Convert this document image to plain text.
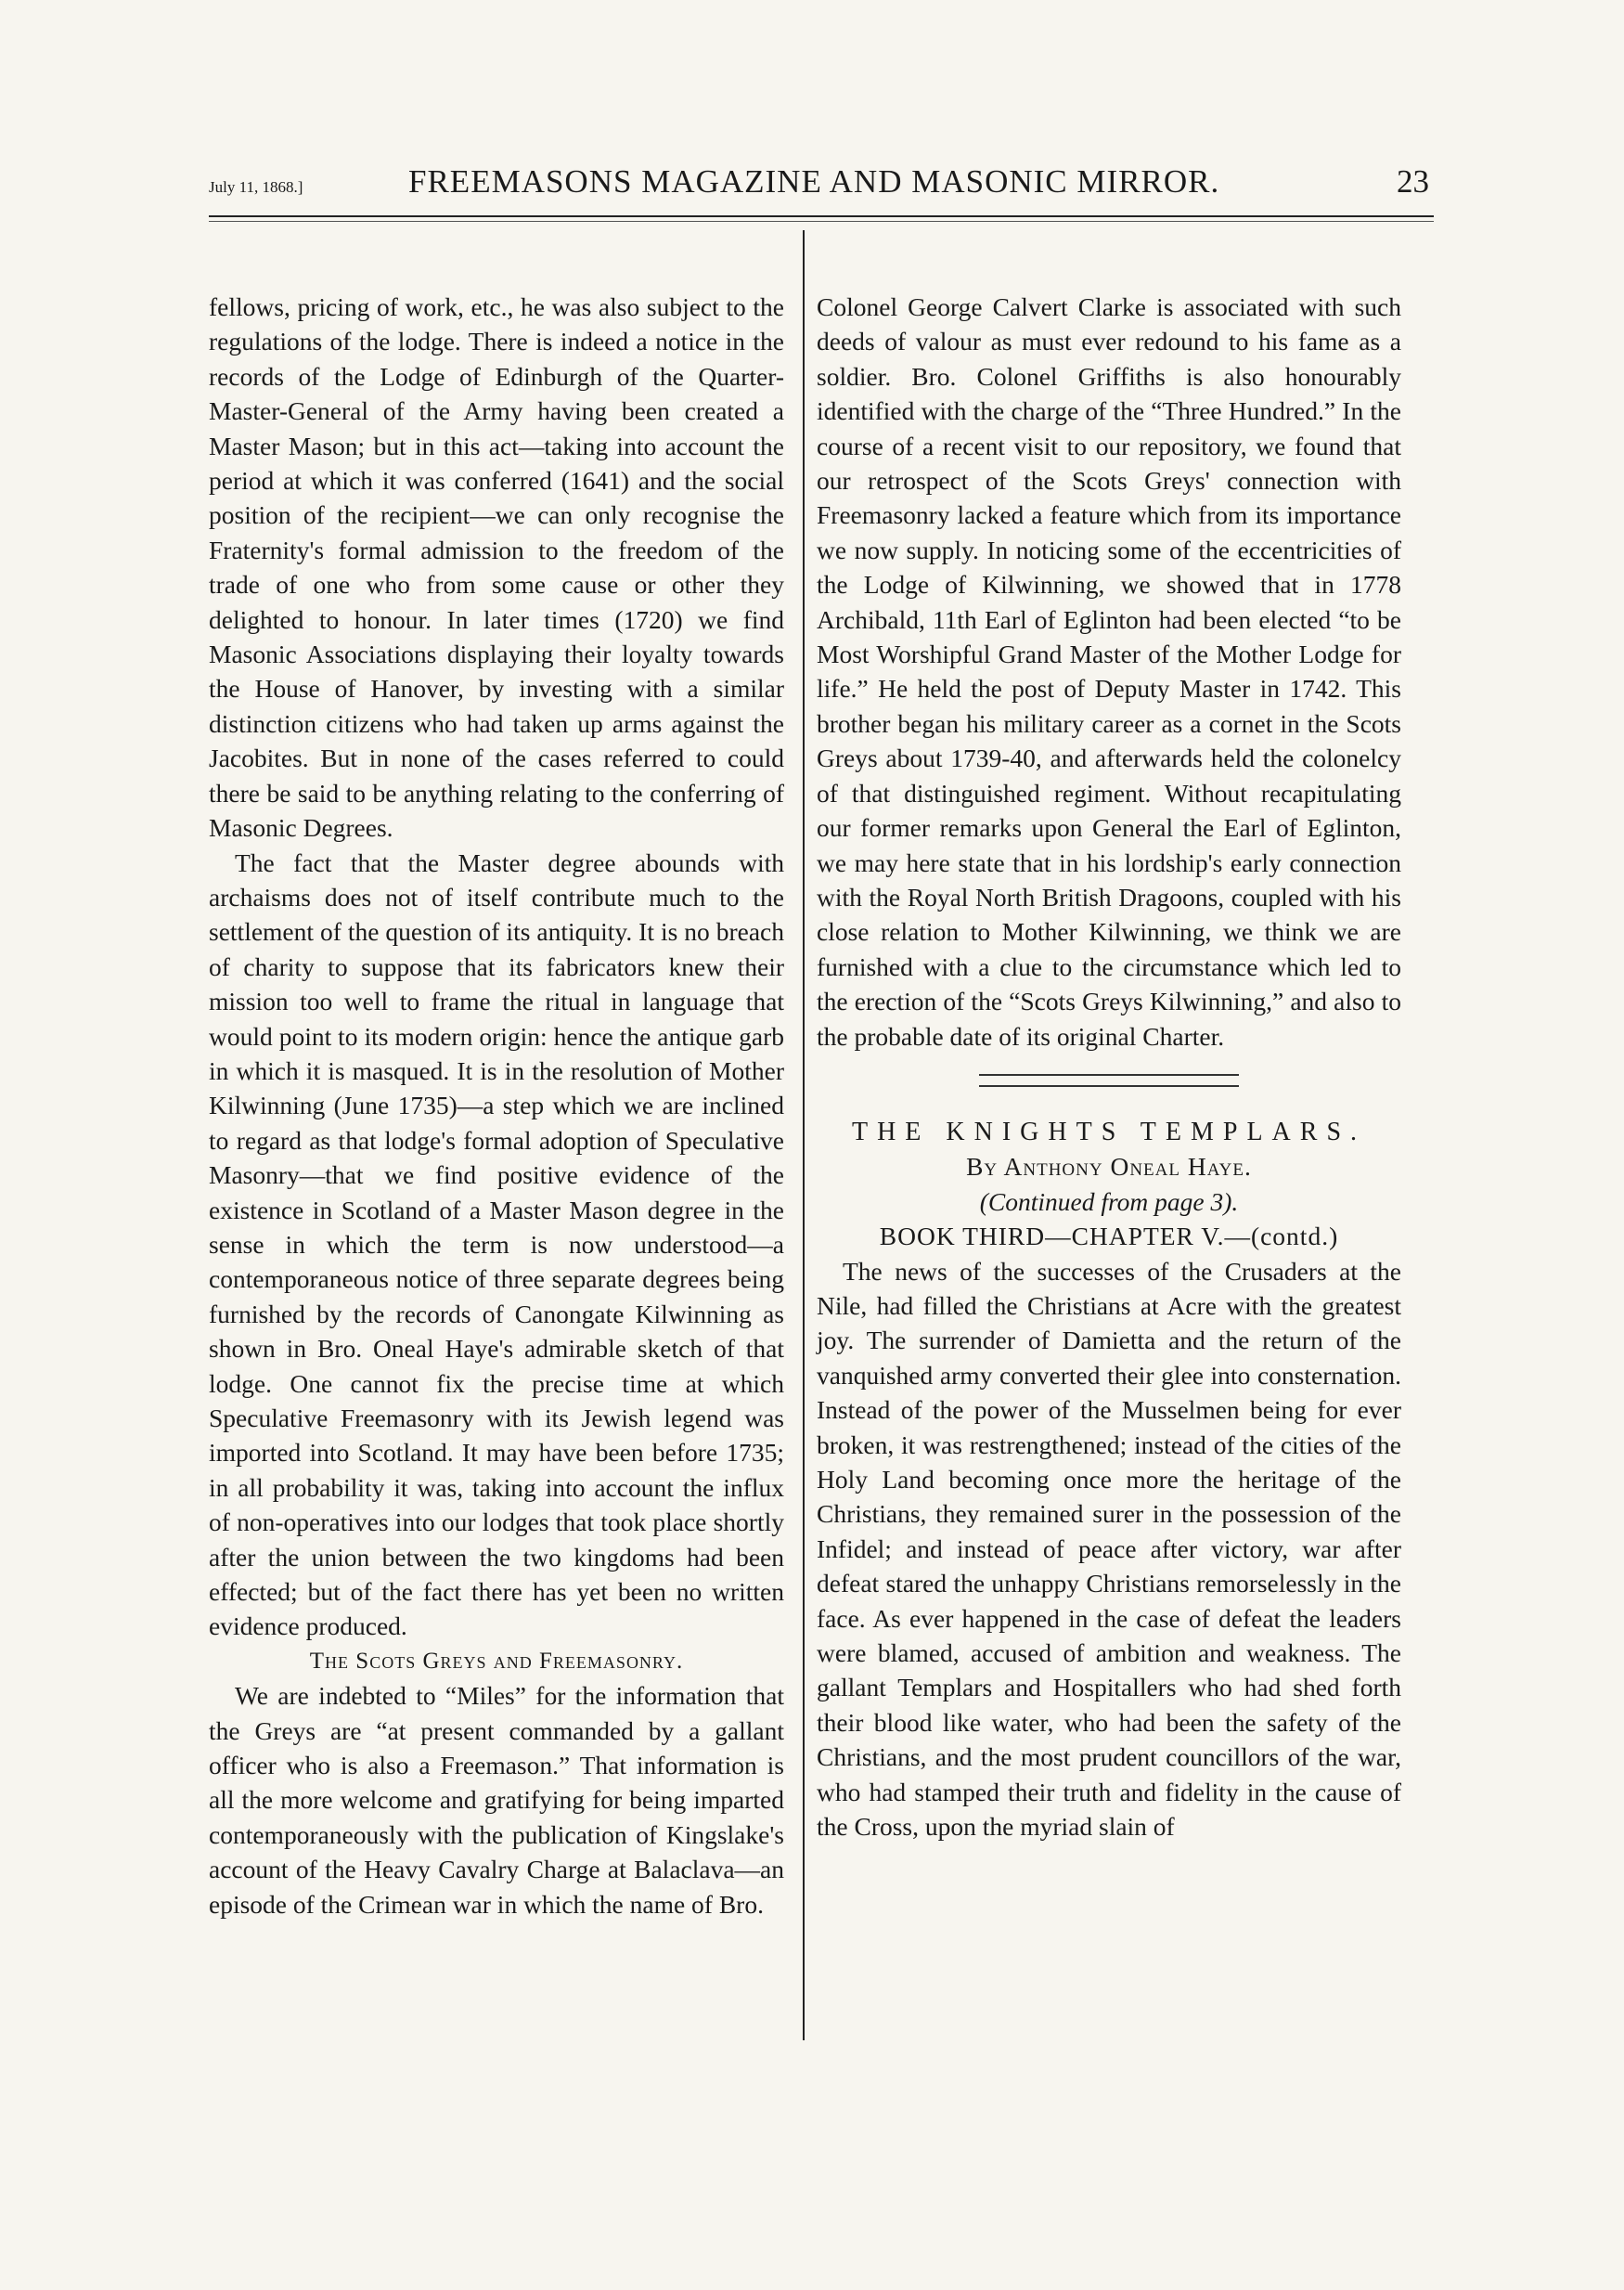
July 11, 1868.]	FREEMASONS MAGAZINE AND MASONIC MIRROR.	23

fellows, pricing of work, etc., he was also subject to the regulations of the lodge. There is indeed a notice in the records of the Lodge of Edinburgh of the Quarter-Master-General of the Army having been created a Master Mason; but in this act—taking into account the period at which it was conferred (1641) and the social position of the recipient—we can only recognise the Fraternity's formal admission to the freedom of the trade of one who from some cause or other they delighted to honour. In later times (1720) we find Masonic Associations displaying their loyalty towards the House of Hanover, by investing with a similar distinction citizens who had taken up arms against the Jacobites. But in none of the cases referred to could there be said to be anything relating to the conferring of Masonic Degrees.

The fact that the Master degree abounds with archaisms does not of itself contribute much to the settlement of the question of its antiquity. It is no breach of charity to suppose that its fabricators knew their mission too well to frame the ritual in language that would point to its modern origin: hence the antique garb in which it is masqued. It is in the resolution of Mother Kilwinning (June 1735)—a step which we are inclined to regard as that lodge's formal adoption of Speculative Masonry—that we find positive evidence of the existence in Scotland of a Master Mason degree in the sense in which the term is now understood—a contemporaneous notice of three separate degrees being furnished by the records of Canongate Kilwinning as shown in Bro. Oneal Haye's admirable sketch of that lodge. One cannot fix the precise time at which Speculative Freemasonry with its Jewish legend was imported into Scotland. It may have been before 1735; in all probability it was, taking into account the influx of non-operatives into our lodges that took place shortly after the union between the two kingdoms had been effected; but of the fact there has yet been no written evidence produced.

The Scots Greys and Freemasonry.

We are indebted to “Miles” for the information that the Greys are “at present commanded by a gallant officer who is also a Freemason.” That information is all the more welcome and gratifying for being imparted contemporaneously with the publication of Kingslake's account of the Heavy Cavalry Charge at Balaclava—an episode of the Crimean war in which the name of Bro.

Colonel George Calvert Clarke is associated with such deeds of valour as must ever redound to his fame as a soldier. Bro. Colonel Griffiths is also honourably identified with the charge of the “Three Hundred.” In the course of a recent visit to our repository, we found that our retrospect of the Scots Greys' connection with Freemasonry lacked a feature which from its importance we now supply. In noticing some of the eccentricities of the Lodge of Kilwinning, we showed that in 1778 Archibald, 11th Earl of Eglinton had been elected “to be Most Worshipful Grand Master of the Mother Lodge for life.” He held the post of Deputy Master in 1742. This brother began his military career as a cornet in the Scots Greys about 1739-40, and afterwards held the colonelcy of that distinguished regiment. Without recapitulating our former remarks upon General the Earl of Eglinton, we may here state that in his lordship's early connection with the Royal North British Dragoons, coupled with his close relation to Mother Kilwinning, we think we are furnished with a clue to the circumstance which led to the erection of the “Scots Greys Kilwinning,” and also to the probable date of its original Charter.

THE KNIGHTS TEMPLARS.

By Anthony Oneal Haye.

(Continued from page 3).

BOOK THIRD—CHAPTER V.—(contd.)

The news of the successes of the Crusaders at the Nile, had filled the Christians at Acre with the greatest joy. The surrender of Damietta and the return of the vanquished army converted their glee into consternation. Instead of the power of the Musselmen being for ever broken, it was restrengthened; instead of the cities of the Holy Land becoming once more the heritage of the Christians, they remained surer in the possession of the Infidel; and instead of peace after victory, war after defeat stared the unhappy Christians remorselessly in the face. As ever happened in the case of defeat the leaders were blamed, accused of ambition and weakness. The gallant Templars and Hospitallers who had shed forth their blood like water, who had been the safety of the Christians, and the most prudent councillors of the war, who had stamped their truth and fidelity in the cause of the Cross, upon the myriad slain of
